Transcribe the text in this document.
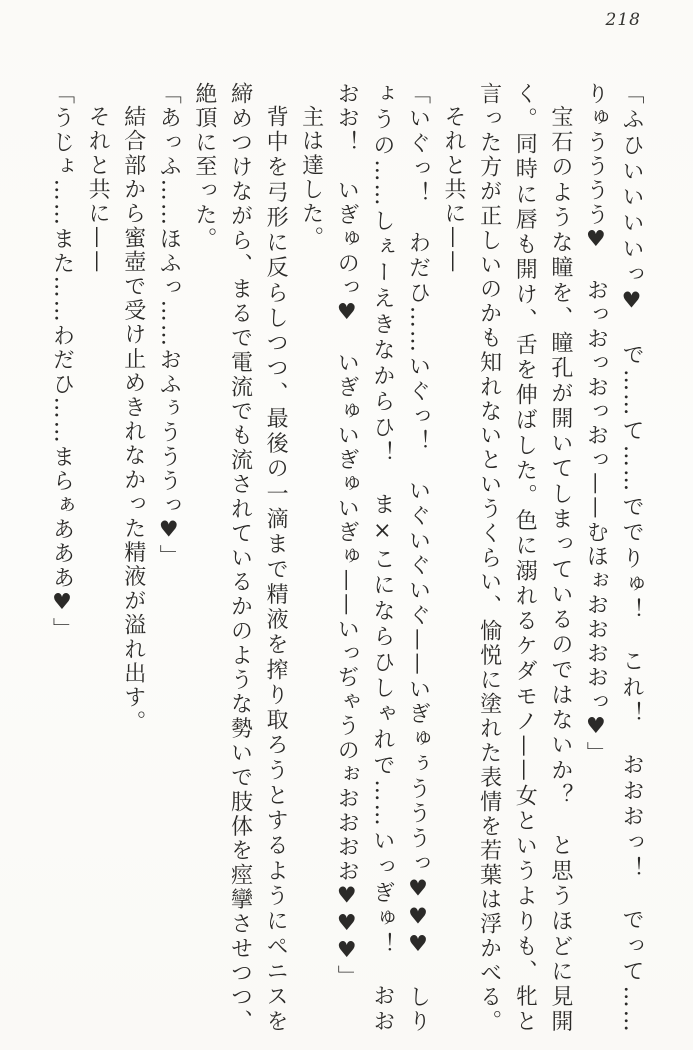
218

「ふひいいいいっ♥　で……て……ででりゅ！　これ！　おおおっ！　でって……

りゅうううう♥　おっおっおっおっ——むほぉおおおおっ♥」

宝石のような瞳を、瞳孔が開いてしまっているのではないか？　と思うほどに見開

く。同時に唇も開け、舌を伸ばした。色に溺れるケダモノ——女というよりも、牝と

言った方が正しいのかも知れないというくらい、愉悦に塗れた表情を若葉は浮かべる。

それと共に——

「いぐっ！　わだひ……いぐっ！　いぐいぐいぐ——いぎゅぅうううっ♥♥♥　しり

ょうの……しぇーえきなからひ！　ま×こにならひしゃれで……いっぎゅ！　おお

おお！　いぎゅのっ♥　いぎゅいぎゅいぎゅ——いっぢゃうのぉおおおお♥♥♥」

主は達した。

背中を弓形に反らしつつ、最後の一滴まで精液を搾り取ろうとするようにペニスを

締めつけながら、まるで電流でも流されているかのような勢いで肢体を痙攣させつつ、

絶頂に至った。

「あっふ……ほふっ……おふぅうううっ♥」

結合部から蜜壺で受け止めきれなかった精液が溢れ出す。

それと共に——

「うじょ……また……わだひ……まらぁあああ♥」
